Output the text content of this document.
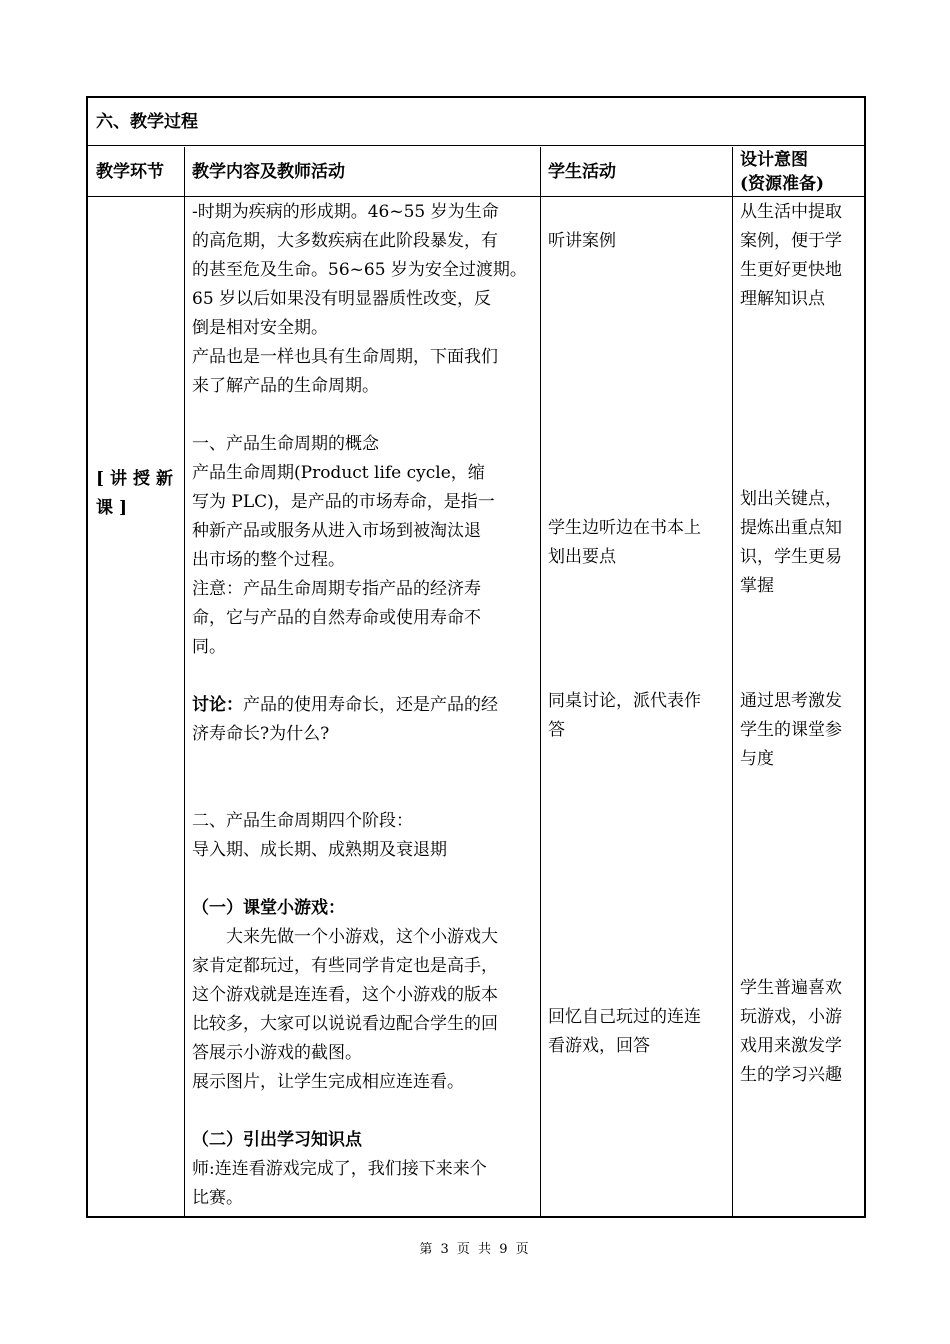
六、教学过程
教学环节 教学内容及教师活动	学生活动
设计意图
(资源准备)
[讲授新
课]
-时期为疾病的形成期。46~55 岁为生命
的高危期，大多数疾病在此阶段暴发，有
的甚至危及生命。56~65 岁为安全过渡期。
65 岁以后如果没有明显器质性改变，反
倒是相对安全期。
产品也是一样也具有生命周期，下面我们
来了解产品的生命周期。
一、产品生命周期的概念
产品生命周期(Product life cycle，缩
写为 PLC)，是产品的市场寿命，是指一
种新产品或服务从进入市场到被淘汰退
出市场的整个过程。
注意：产品生命周期专指产品的经济寿
命，它与产品的自然寿命或使用寿命不
同。
讨论：产品的使用寿命长，还是产品的经
济寿命长?为什么?
二、产品生命周期四个阶段：
导入期、成长期、成熟期及衰退期
（一）课堂小游戏：
大来先做一个小游戏，这个小游戏大
家肯定都玩过，有些同学肯定也是高手，
这个游戏就是连连看，这个小游戏的版本
比较多，大家可以说说看边配合学生的回
答展示小游戏的截图。
展示图片，让学生完成相应连连看。
（二）引出学习知识点
师:连连看游戏完成了，我们接下来来个
比赛。
听讲案例
学生边听边在书本上
划出要点
同桌讨论，派代表作
答
回忆自己玩过的连连
看游戏，回答
从生活中提取
案例，便于学
生更好更快地
理解知识点
划出关键点，
提炼出重点知
识，学生更易
掌握
通过思考激发
学生的课堂参
与度
学生普遍喜欢
玩游戏，小游
戏用来激发学
生的学习兴趣
第 3 页 共 9 页
